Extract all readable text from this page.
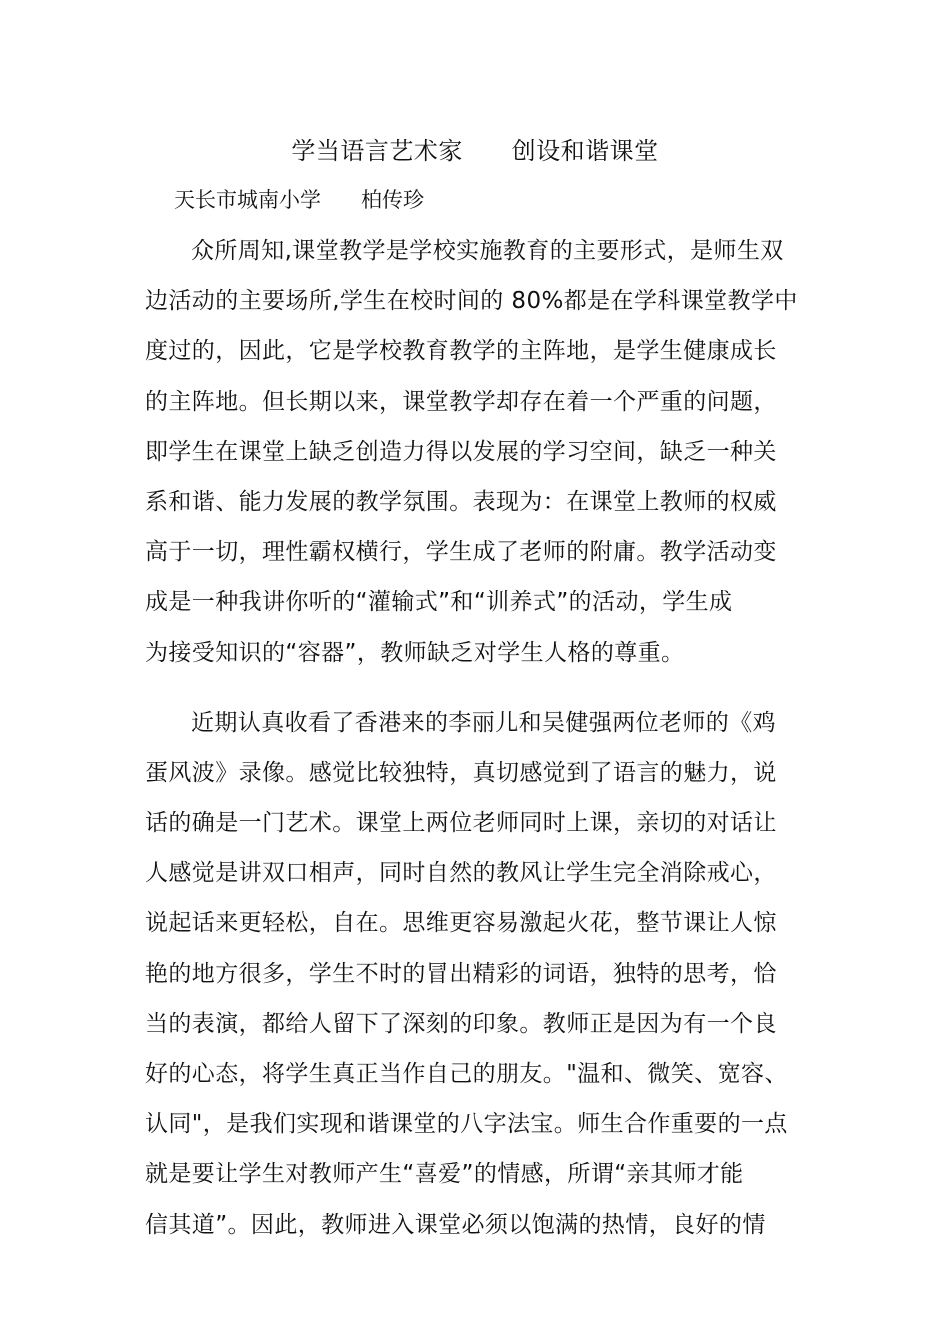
学当语言艺术家      创设和谐课堂
天长市城南小学      柏传珍
众所周知,课堂教学是学校实施教育的主要形式，是师生双
边活动的主要场所,学生在校时间的 80%都是在学科课堂教学中
度过的，因此，它是学校教育教学的主阵地，是学生健康成长
的主阵地。但长期以来，课堂教学却存在着一个严重的问题，
即学生在课堂上缺乏创造力得以发展的学习空间，缺乏一种关
系和谐、能力发展的教学氛围。表现为：在课堂上教师的权威
高于一切，理性霸权横行，学生成了老师的附庸。教学活动变
成是一种我讲你听的“灌输式”和“训养式”的活动，学生成
为接受知识的“容器”，教师缺乏对学生人格的尊重。
近期认真收看了香港来的李丽儿和吴健强两位老师的《鸡
蛋风波》录像。感觉比较独特，真切感觉到了语言的魅力，说
话的确是一门艺术。课堂上两位老师同时上课，亲切的对话让
人感觉是讲双口相声，同时自然的教风让学生完全消除戒心，
说起话来更轻松，自在。思维更容易激起火花，整节课让人惊
艳的地方很多，学生不时的冒出精彩的词语，独特的思考，恰
当的表演，都给人留下了深刻的印象。教师正是因为有一个良
好的心态，将学生真正当作自己的朋友。"温和、微笑、宽容、
认同"，是我们实现和谐课堂的八字法宝。师生合作重要的一点
就是要让学生对教师产生“喜爱”的情感，所谓“亲其师才能
信其道”。因此，教师进入课堂必须以饱满的热情，良好的情
